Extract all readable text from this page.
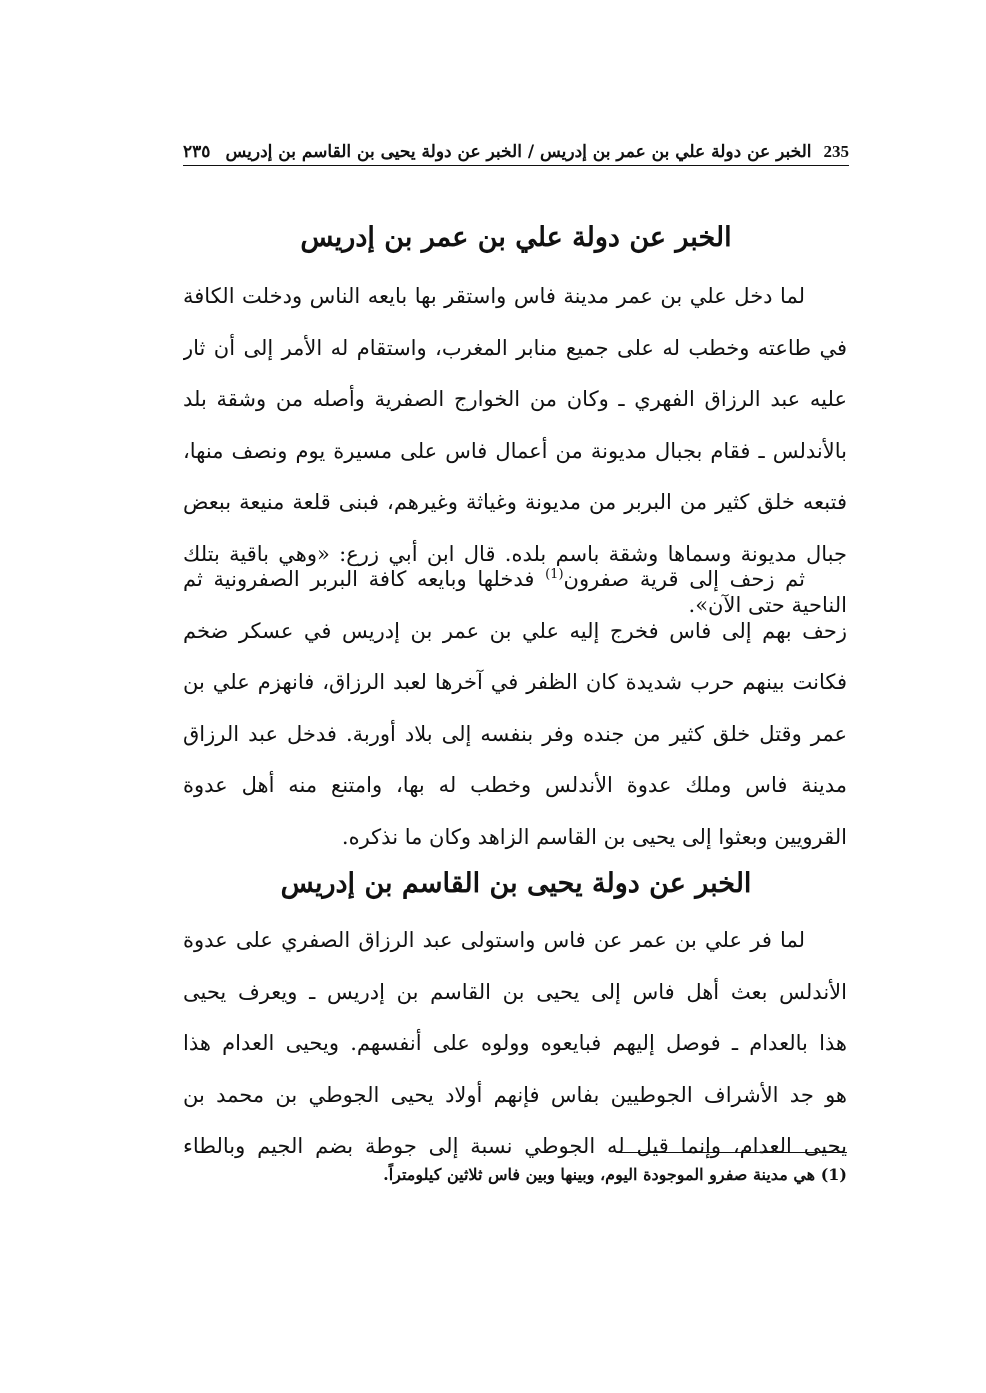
235
الخبر عن دولة علي بن عمر بن إدريس / الخبر عن دولة يحيى بن القاسم بن إدريس
٢٣٥
الخبر عن دولة علي بن عمر بن إدريس
لما دخل علي بن عمر مدينة فاس واستقر بها بايعه الناس ودخلت الكافة
في طاعته وخطب له على جميع منابر المغرب، واستقام له الأمر إلى أن ثار
عليه عبد الرزاق الفهري ـ وكان من الخوارج الصفرية وأصله من وشقة بلد
بالأندلس ـ فقام بجبال مديونة من أعمال فاس على مسيرة يوم ونصف منها،
فتبعه خلق كثير من البربر من مديونة وغياثة وغيرهم، فبنى قلعة منيعة ببعض
جبال مديونة وسماها وشقة باسم بلده. قال ابن أبي زرع: «وهي باقية بتلك
الناحية حتى الآن».
ثم زحف إلى قرية صفرون$^{(1)}$ فدخلها وبايعه كافة البربر الصفرونية ثم
زحف بهم إلى فاس فخرج إليه علي بن عمر بن إدريس في عسكر ضخم
فكانت بينهم حرب شديدة كان الظفر في آخرها لعبد الرزاق، فانهزم علي بن
عمر وقتل خلق كثير من جنده وفر بنفسه إلى بلاد أوربة. فدخل عبد الرزاق
مدينة فاس وملك عدوة الأندلس وخطب له بها، وامتنع منه أهل عدوة
القرويين وبعثوا إلى يحيى بن القاسم الزاهد وكان ما نذكره.
الخبر عن دولة يحيى بن القاسم بن إدريس
لما فر علي بن عمر عن فاس واستولى عبد الرزاق الصفري على عدوة
الأندلس بعث أهل فاس إلى يحيى بن القاسم بن إدريس ـ ويعرف يحيى
هذا بالعدام ـ فوصل إليهم فبايعوه وولوه على أنفسهم. ويحيى العدام هذا
هو جد الأشراف الجوطيين بفاس فإنهم أولاد يحيى الجوطي بن محمد بن
يحيى العدام، وإنما قيل له الجوطي نسبة إلى جوطة بضم الجيم وبالطاء
(1) هي مدينة صفرو الموجودة اليوم، وبينها وبين فاس ثلاثين كيلومتراً.
